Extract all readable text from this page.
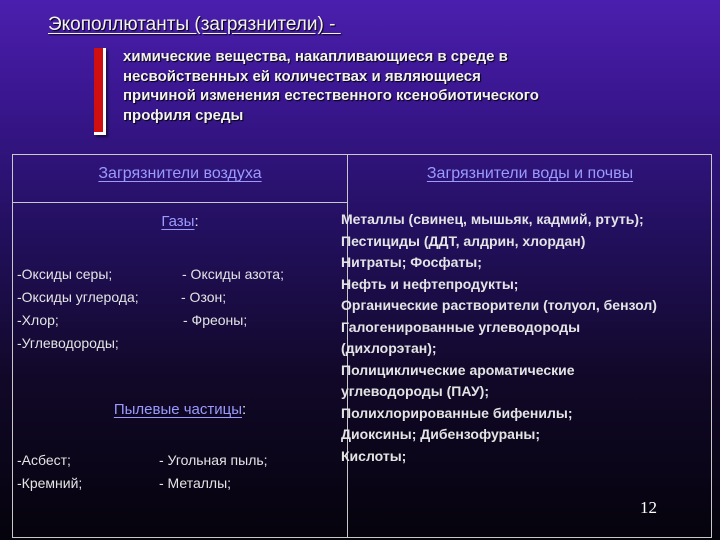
Экополлютанты (загрязнители) -

химические вещества, накапливающиеся в среде в
несвойственных ей количествах и являющиеся
причиной изменения естественного ксенобиотического
профиля среды

Загрязнители воздуха	Загрязнители воды и почвы
Газы:
-Оксиды серы;
-Оксиды углерода;
-Хлор;
-Углеводороды;
- Оксиды азота;
- Озон;
- Фреоны;
Пылевые частицы:
-Асбест;
-Кремний;
- Угольная пыль;
- Металлы;
Металлы (свинец, мышьяк, кадмий, ртуть);
Пестициды (ДДТ, алдрин, хлордан)
Нитраты; Фосфаты;
Нефть и нефтепродукты;
Органические растворители (толуол, бензол)
Галогенированные углеводороды
(дихлорэтан);
Полициклические ароматические
углеводороды (ПАУ);
Полихлорированные бифенилы;
Диоксины; Дибензофураны;
Кислоты;
12
